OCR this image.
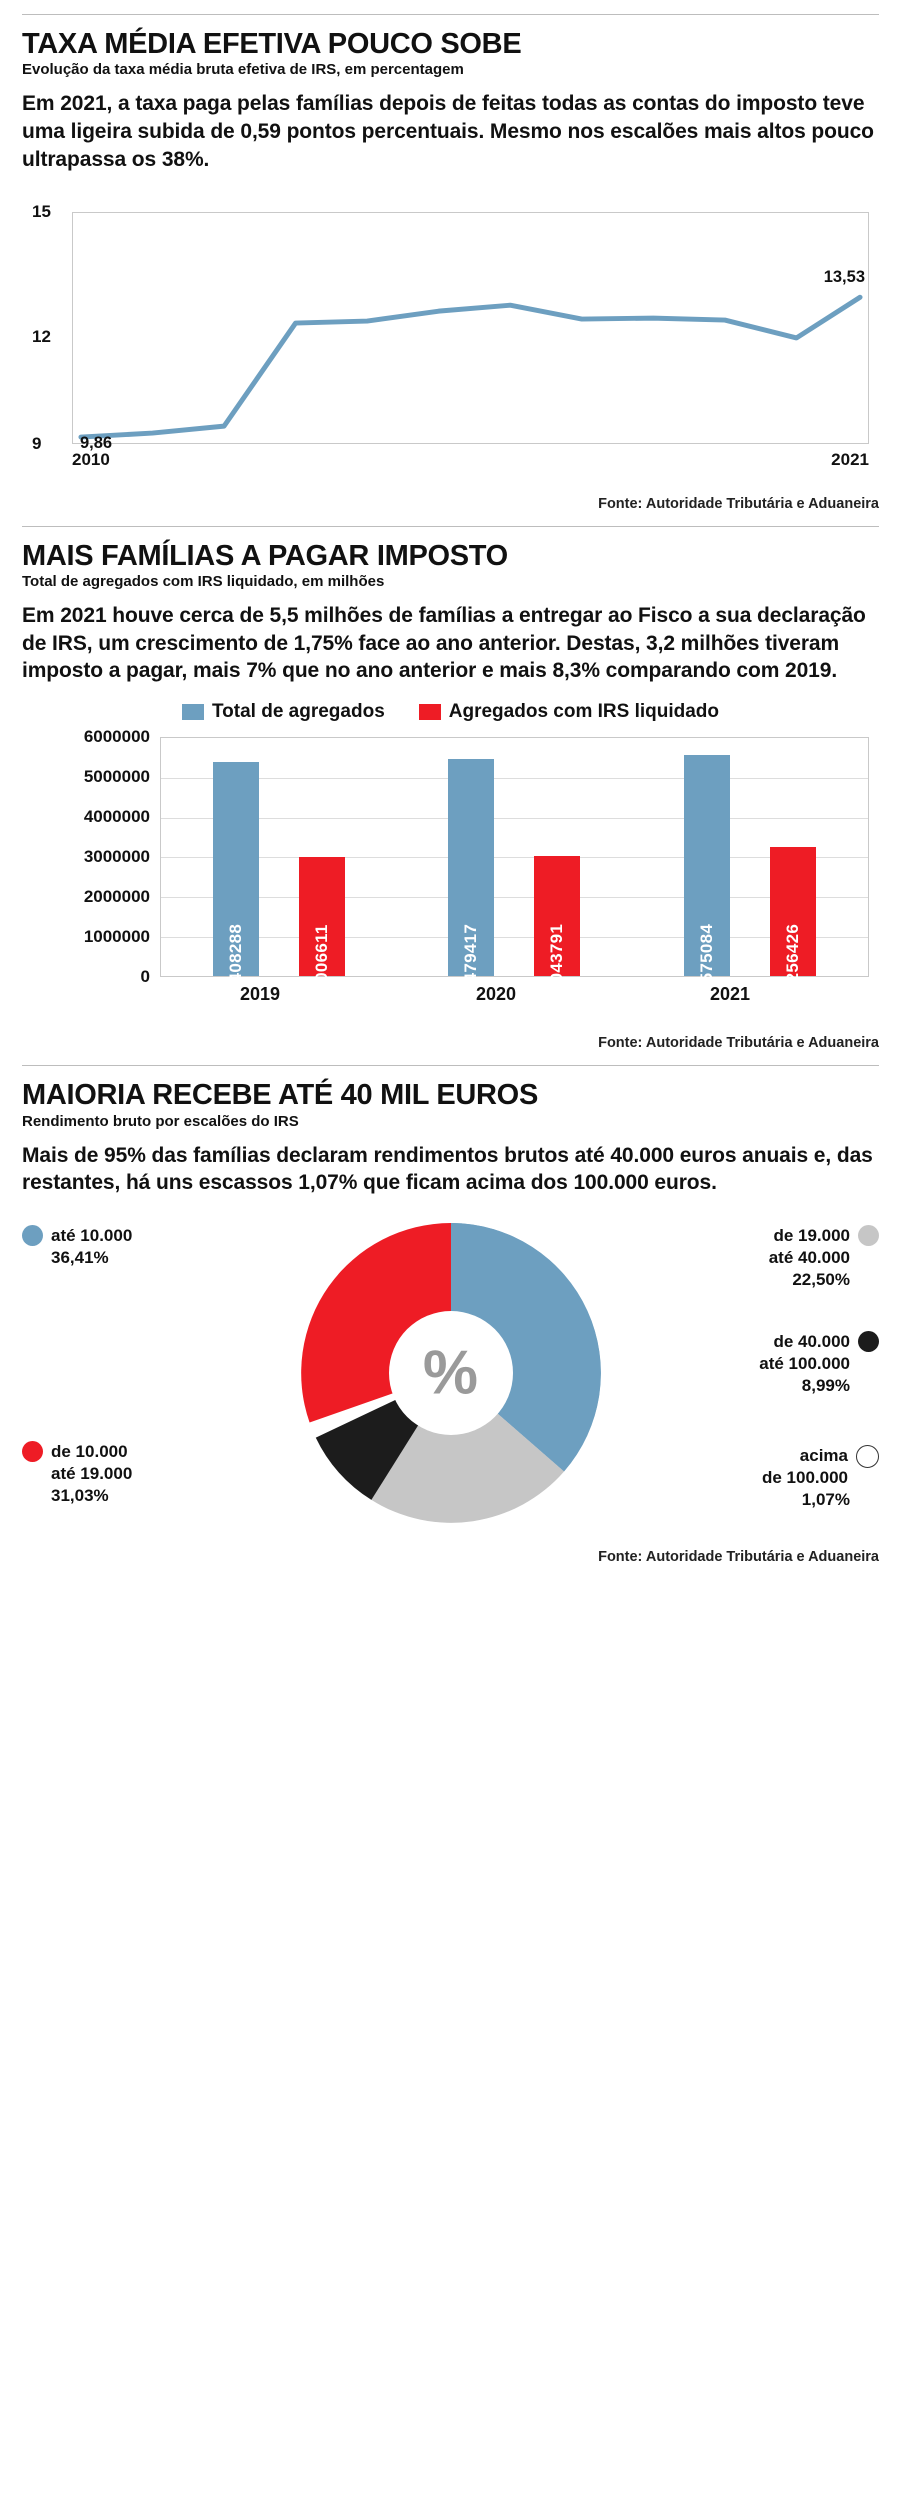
TAXA MÉDIA EFETIVA POUCO SOBE
Evolução da taxa média bruta efetiva de IRS, em percentagem
Em 2021, a taxa paga pelas famílias depois de feitas todas as contas do imposto teve uma ligeira subida de 0,59 pontos percentuais. Mesmo nos escalões mais altos pouco ultrapassa os 38%.
15
12
9 9,86
13,53
2010	2021
Fonte: Autoridade Tributária e Aduaneira
MAIS FAMÍLIAS A PAGAR IMPOSTO
Total de agregados com IRS liquidado, em milhões
Em 2021 houve cerca de 5,5 milhões de famílias a entregar ao Fisco a sua declaração de IRS, um crescimento de 1,75% face ao ano anterior. Destas, 3,2 milhões tiveram imposto a pagar, mais 7% que no ano anterior e mais 8,3% comparando com 2019.
Total de agregados	Agregados com IRS liquidado
6000000
5000000
4000000
3000000
2000000
1000000
0	5408288	3006611	5479417	3043791	5575084	3256426
2019	2020	2021
Fonte: Autoridade Tributária e Aduaneira
MAIORIA RECEBE ATÉ 40 MIL EUROS
Rendimento bruto por escalões do IRS
Mais de 95% das famílias declaram rendimentos brutos até 40.000 euros anuais e, das restantes, há uns escassos 1,07% que ficam acima dos 100.000 euros.
%
até 10.000
36,41%
de 10.000
até 19.000
31,03%
de 19.000
até 40.000
22,50%
de 40.000
até 100.000
8,99%
acima
de 100.000
1,07%
Fonte: Autoridade Tributária e Aduaneira
